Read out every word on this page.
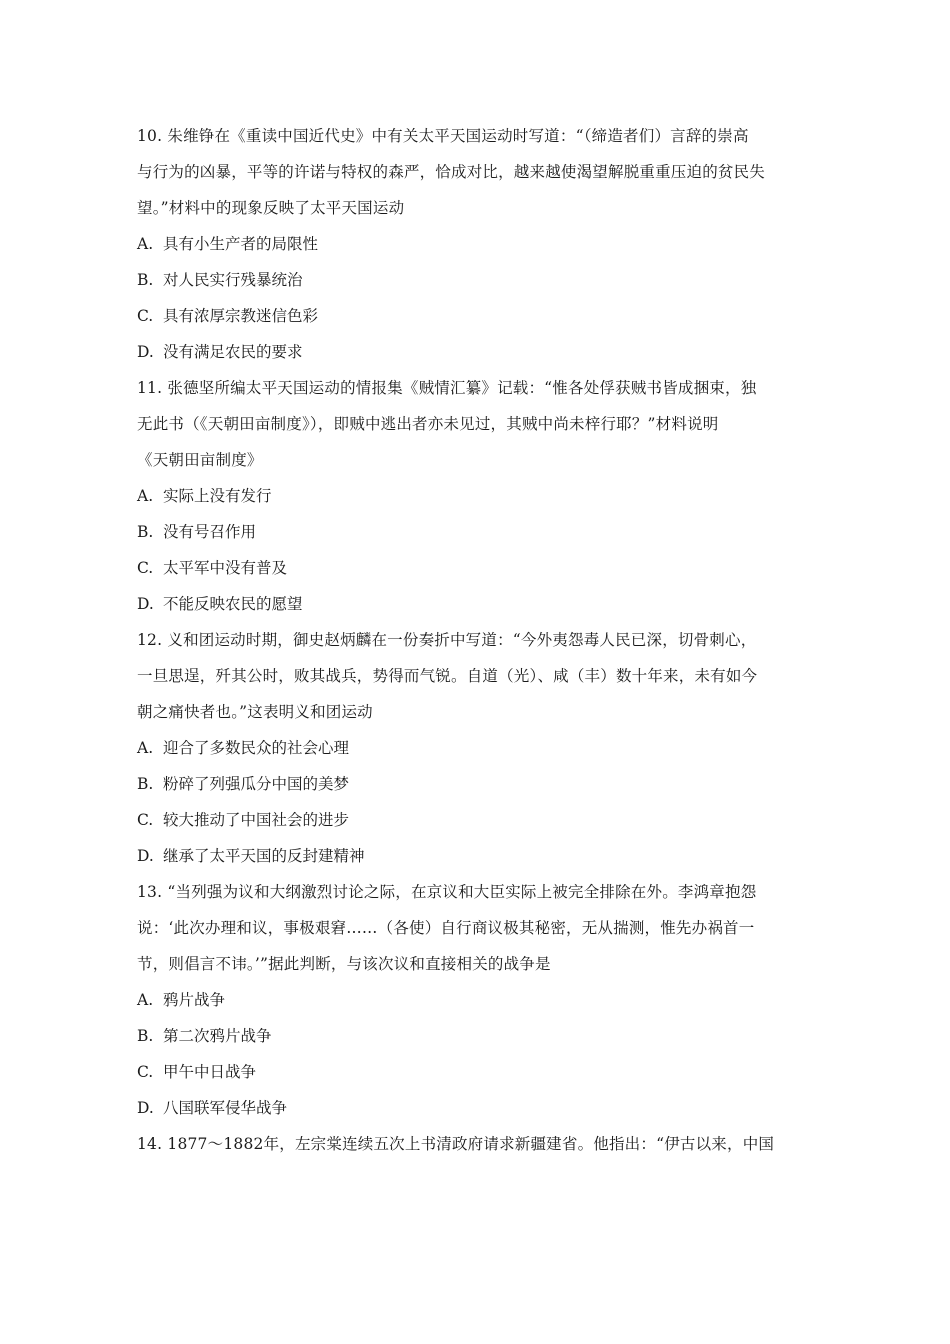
10. 朱维铮在《重读中国近代史》中有关太平天国运动时写道：“（缔造者们）言辞的崇高
与行为的凶暴，平等的许诺与特权的森严，恰成对比，越来越使渴望解脱重重压迫的贫民失
望。”材料中的现象反映了太平天国运动
A. 具有小生产者的局限性
B. 对人民实行残暴统治
C. 具有浓厚宗教迷信色彩
D. 没有满足农民的要求
11. 张德坚所编太平天国运动的情报集《贼情汇纂》记载：“惟各处俘获贼书皆成捆束，独
无此书（《天朝田亩制度》），即贼中逃出者亦未见过，其贼中尚未梓行耶？”材料说明
《天朝田亩制度》
A. 实际上没有发行
B. 没有号召作用
C. 太平军中没有普及
D. 不能反映农民的愿望
12. 义和团运动时期，御史赵炳麟在一份奏折中写道：“今外夷怨毒人民已深，切骨刺心，
一旦思逞，歼其公时，败其战兵，势得而气锐。自道（光）、咸（丰）数十年来，未有如今
朝之痛快者也。”这表明义和团运动
A. 迎合了多数民众的社会心理
B. 粉碎了列强瓜分中国的美梦
C. 较大推动了中国社会的进步
D. 继承了太平天国的反封建精神
13. “当列强为议和大纲激烈讨论之际，在京议和大臣实际上被完全排除在外。李鸿章抱怨
说：‘此次办理和议，事极艰窘……（各使）自行商议极其秘密，无从揣测，惟先办祸首一
节，则倡言不讳。’”据此判断，与该次议和直接相关的战争是
A. 鸦片战争
B. 第二次鸦片战争
C. 甲午中日战争
D. 八国联军侵华战争
14. 1877～1882年，左宗棠连续五次上书清政府请求新疆建省。他指出：“伊古以来，中国
